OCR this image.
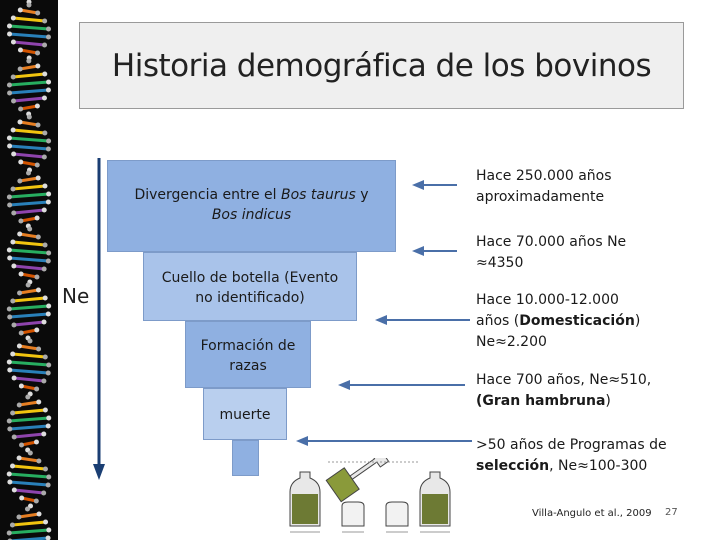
Historia demográfica de los bovinos
Ne
Divergencia entre el Bos taurus y Bos indicus
Cuello de botella (Evento no identificado)
Formación de razas
muerte
Hace 250.000 años
aproximadamente
Hace 70.000 años Ne
≈4350
Hace 10.000-12.000
años (Domesticación)
Ne≈2.200
Hace 700 años, Ne≈510,
(Gran hambruna)
>50 años de Programas de
selección, Ne≈100-300
Villa-Angulo et al., 2009 27
